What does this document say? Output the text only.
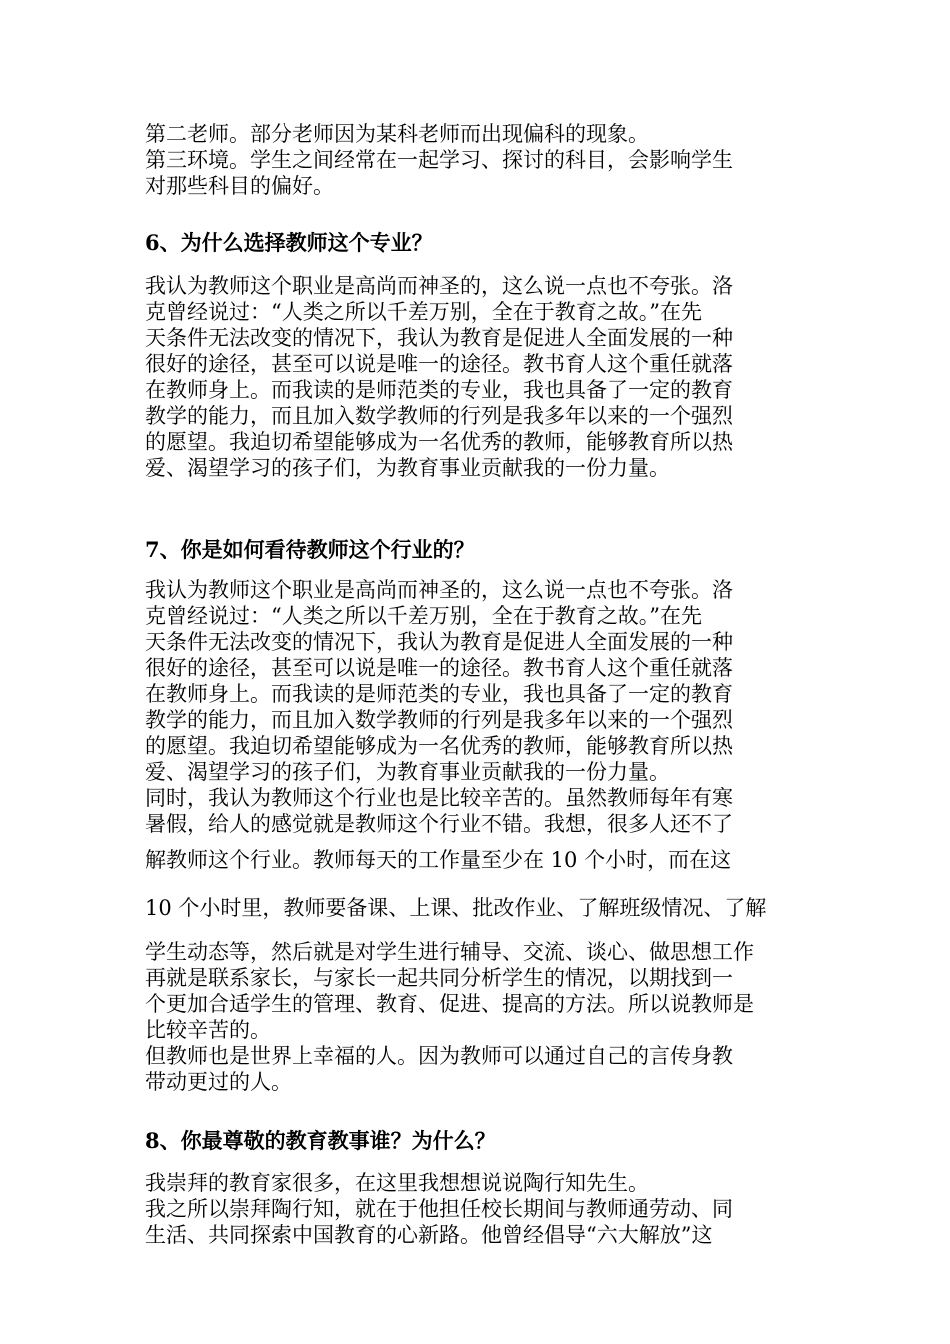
第二老师。部分老师因为某科老师而出现偏科的现象。
第三环境。学生之间经常在一起学习、探讨的科目，会影响学生
对那些科目的偏好。
6、为什么选择教师这个专业？
我认为教师这个职业是高尚而神圣的，这么说一点也不夸张。洛
克曾经说过：“人类之所以千差万别，全在于教育之故。”在先
天条件无法改变的情况下，我认为教育是促进人全面发展的一种
很好的途径，甚至可以说是唯一的途径。教书育人这个重任就落
在教师身上。而我读的是师范类的专业，我也具备了一定的教育
教学的能力，而且加入数学教师的行列是我多年以来的一个强烈
的愿望。我迫切希望能够成为一名优秀的教师，能够教育所以热
爱、渴望学习的孩子们，为教育事业贡献我的一份力量。
7、你是如何看待教师这个行业的？
我认为教师这个职业是高尚而神圣的，这么说一点也不夸张。洛
克曾经说过：“人类之所以千差万别，全在于教育之故。”在先
天条件无法改变的情况下，我认为教育是促进人全面发展的一种
很好的途径，甚至可以说是唯一的途径。教书育人这个重任就落
在教师身上。而我读的是师范类的专业，我也具备了一定的教育
教学的能力，而且加入数学教师的行列是我多年以来的一个强烈
的愿望。我迫切希望能够成为一名优秀的教师，能够教育所以热
爱、渴望学习的孩子们，为教育事业贡献我的一份力量。
同时，我认为教师这个行业也是比较辛苦的。虽然教师每年有寒
暑假，给人的感觉就是教师这个行业不错。我想，很多人还不了
解教师这个行业。教师每天的工作量至少在 10 个小时，而在这
10 个小时里，教师要备课、上课、批改作业、了解班级情况、了解
学生动态等，然后就是对学生进行辅导、交流、谈心、做思想工作
再就是联系家长，与家长一起共同分析学生的情况，以期找到一
个更加合适学生的管理、教育、促进、提高的方法。所以说教师是
比较辛苦的。
但教师也是世界上幸福的人。因为教师可以通过自己的言传身教
带动更过的人。
8、你最尊敬的教育教事谁？为什么？
我崇拜的教育家很多，在这里我想想说说陶行知先生。
我之所以崇拜陶行知，就在于他担任校长期间与教师通劳动、同
生活、共同探索中国教育的心新路。他曾经倡导“六大解放”这
